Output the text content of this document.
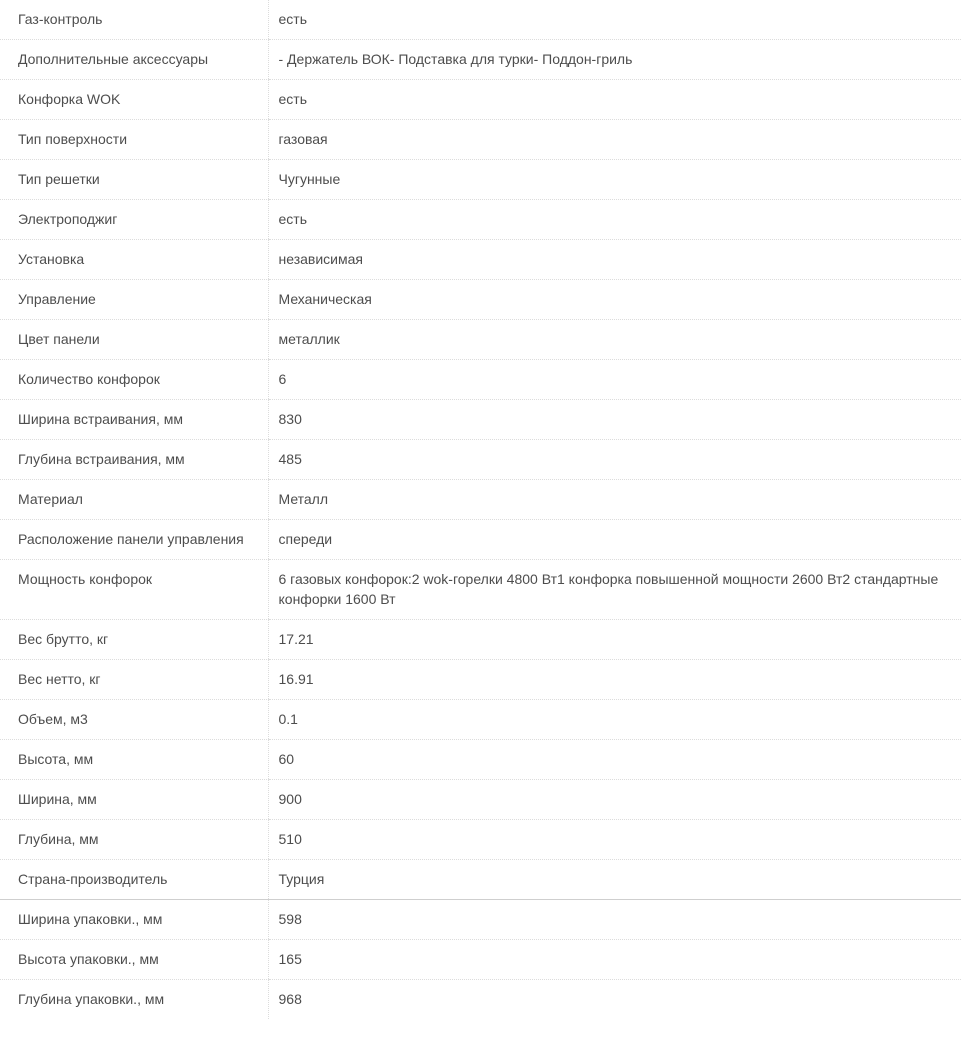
Газ-контроль	есть
Дополнительные аксессуары	- Держатель ВОК- Подставка для турки- Поддон-гриль
Конфорка WOK	есть
Тип поверхности	газовая
Тип решетки	Чугунные
Электроподжиг	есть
Установка	независимая
Управление	Механическая
Цвет панели	металлик
Количество конфорок	6
Ширина встраивания, мм	830
Глубина встраивания, мм	485
Материал	Металл
Расположение панели управления	спереди
Мощность конфорок	6 газовых конфорок:2 wok-горелки 4800 Вт1 конфорка повышенной мощности 2600 Вт2 стандартные конфорки 1600 Вт
Вес брутто, кг	17.21
Вес нетто, кг	16.91
Объем, м3	0.1
Высота, мм	60
Ширина, мм	900
Глубина, мм	510
Страна-производитель	Турция
Ширина упаковки., мм	598
Высота упаковки., мм	165
Глубина упаковки., мм	968
